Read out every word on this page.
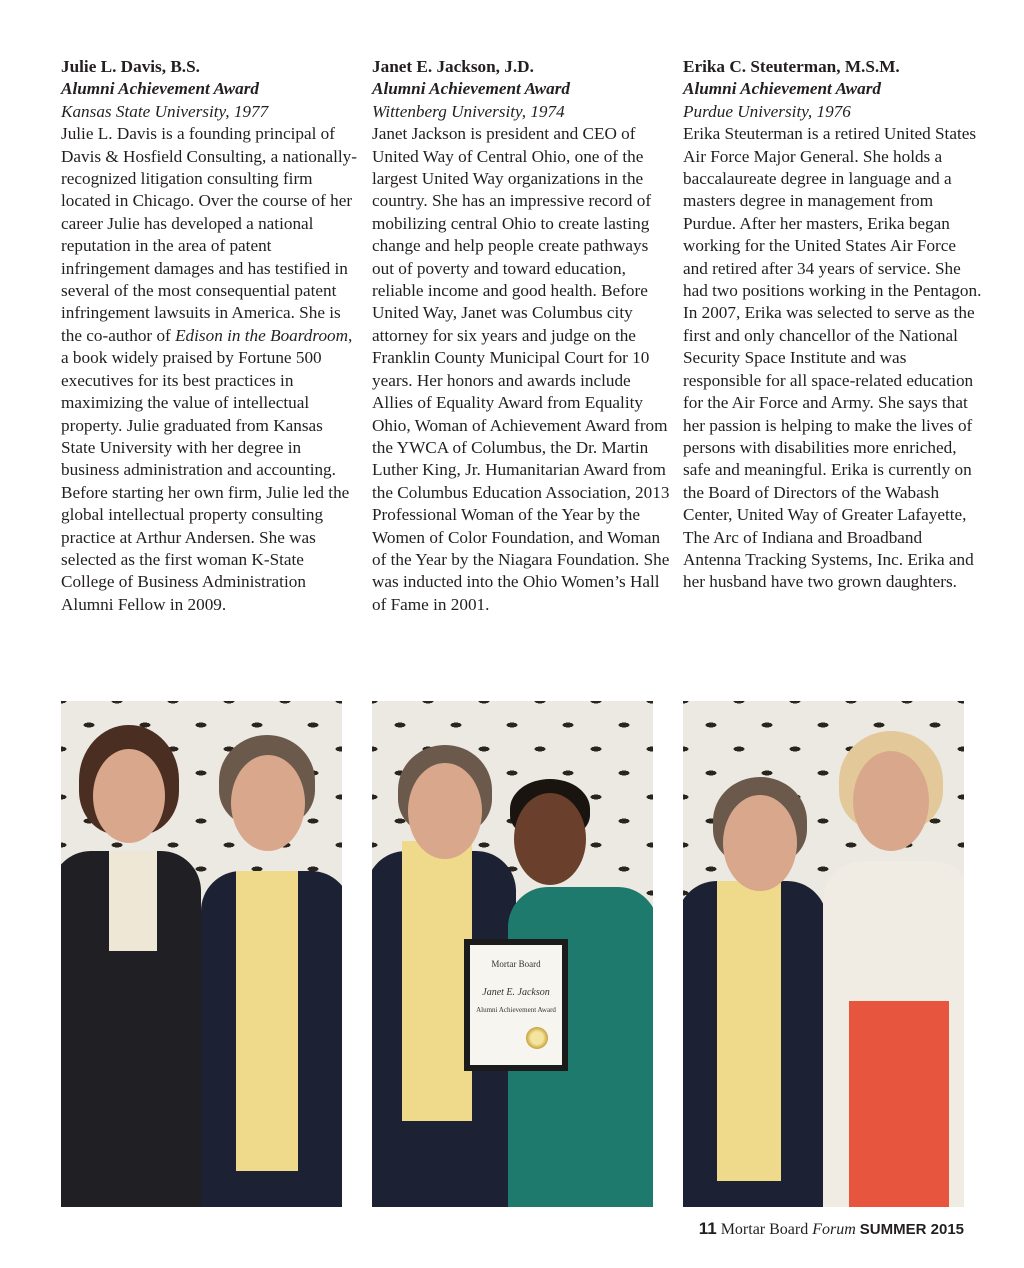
Julie L. Davis, B.S.
Alumni Achievement Award
Kansas State University, 1977
Julie L. Davis is a founding principal of Davis & Hosfield Consulting, a nationally-recognized litigation consulting firm located in Chicago. Over the course of her career Julie has developed a national reputation in the area of patent infringement damages and has testified in several of the most consequential patent infringement lawsuits in America. She is the co-author of Edison in the Boardroom, a book widely praised by Fortune 500 executives for its best practices in maximizing the value of intellectual property. Julie graduated from Kansas State University with her degree in business administration and accounting. Before starting her own firm, Julie led the global intellectual property consulting practice at Arthur Andersen. She was selected as the first woman K-State College of Business Administration Alumni Fellow in 2009.
Janet E. Jackson, J.D.
Alumni Achievement Award
Wittenberg University, 1974
Janet Jackson is president and CEO of United Way of Central Ohio, one of the largest United Way organizations in the country. She has an impressive record of mobilizing central Ohio to create lasting change and help people create pathways out of poverty and toward education, reliable income and good health. Before United Way, Janet was Columbus city attorney for six years and judge on the Franklin County Municipal Court for 10 years. Her honors and awards include Allies of Equality Award from Equality Ohio, Woman of Achievement Award from the YWCA of Columbus, the Dr. Martin Luther King, Jr. Humanitarian Award from the Columbus Education Association, 2013 Professional Woman of the Year by the Women of Color Foundation, and Woman of the Year by the Niagara Foundation. She was inducted into the Ohio Women’s Hall of Fame in 2001.
Erika C. Steuterman, M.S.M.
Alumni Achievement Award
Purdue University, 1976
Erika Steuterman is a retired United States Air Force Major General. She holds a baccalaureate degree in language and a masters degree in management from Purdue. After her masters, Erika began working for the United States Air Force and retired after 34 years of service. She had two positions working in the Pentagon. In 2007, Erika was selected to serve as the first and only chancellor of the National Security Space Institute and was responsible for all space-related education for the Air Force and Army. She says that her passion is helping to make the lives of persons with disabilities more enriched, safe and meaningful. Erika is currently on the Board of Directors of the Wabash Center, United Way of Greater Lafayette, The Arc of Indiana and Broadband Antenna Tracking Systems, Inc. Erika and her husband have two grown daughters.
Mortar Board
Janet E. Jackson
Alumni Achievement Award
11 Mortar Board Forum SUMMER 2015
